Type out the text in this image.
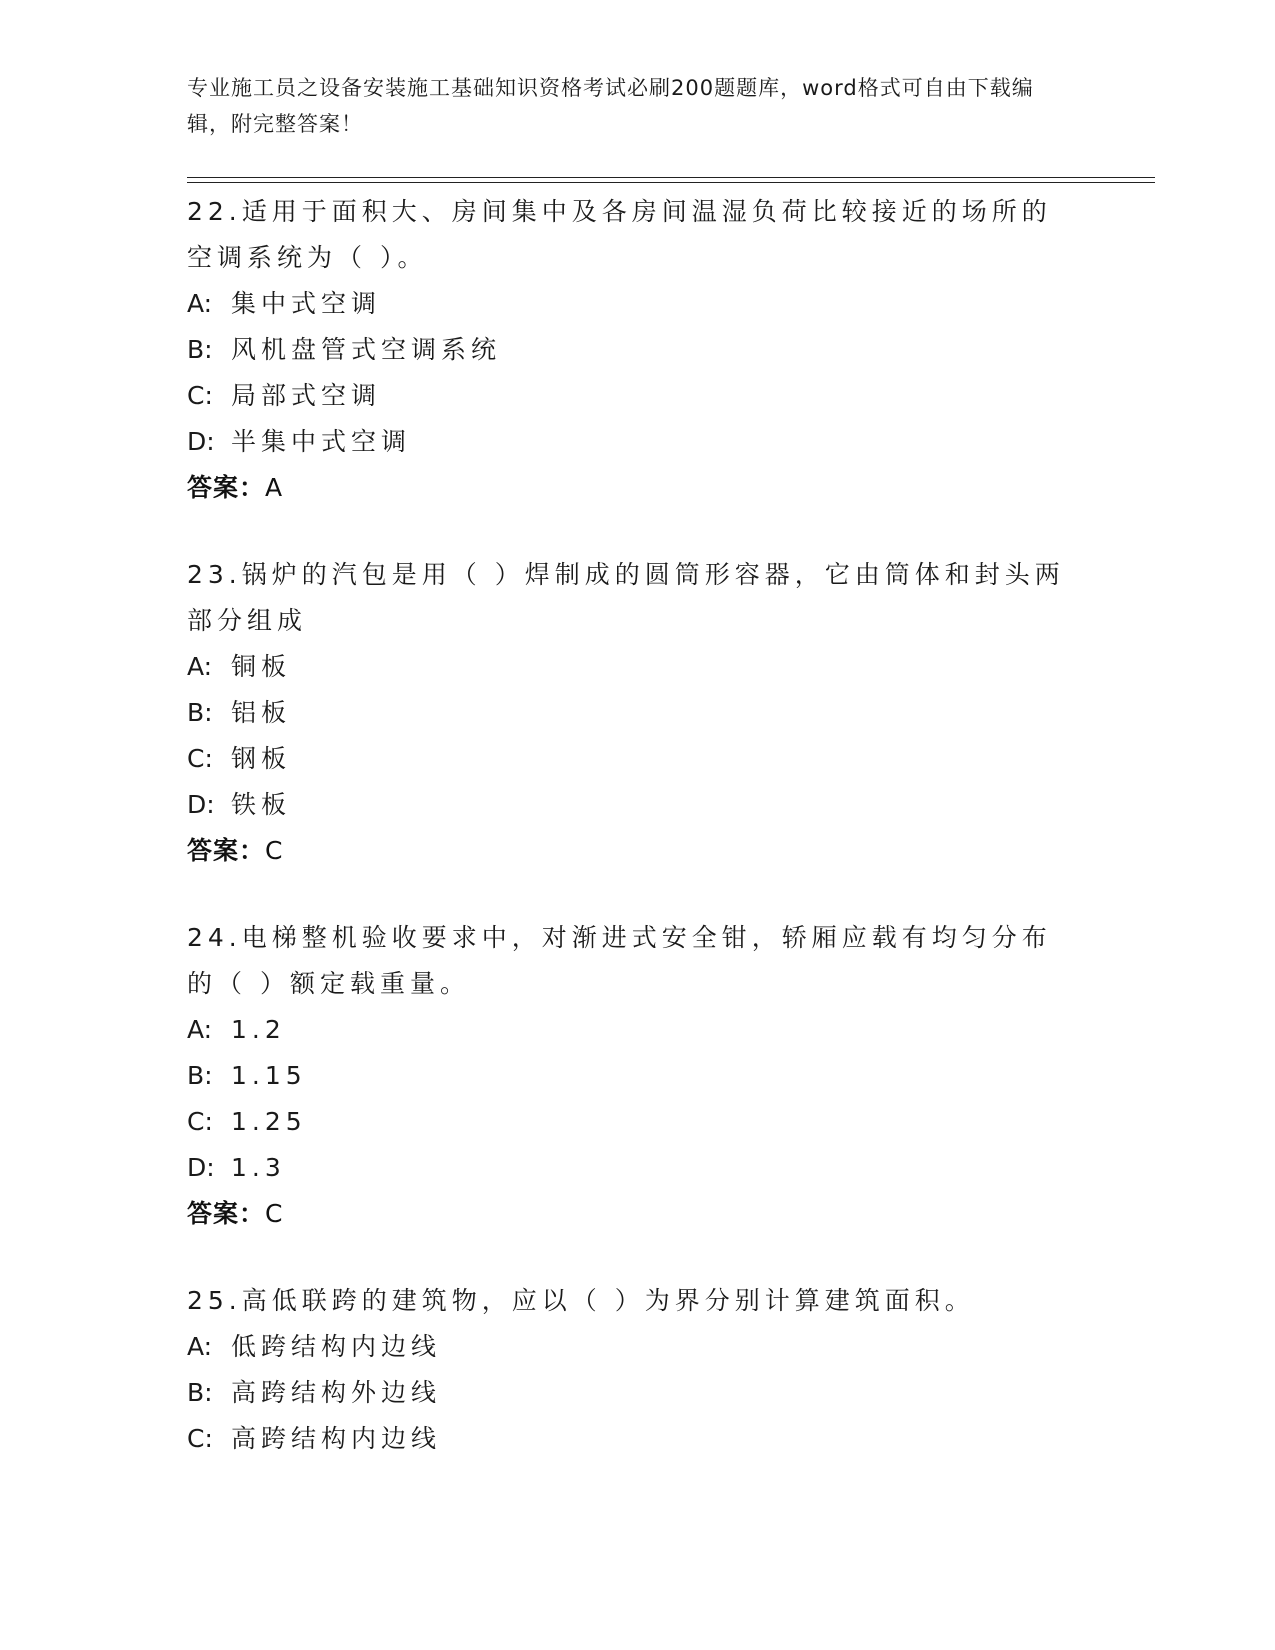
专业施工员之设备安装施工基础知识资格考试必刷200题题库，word格式可自由下载编辑，附完整答案！
22.适用于面积大、房间集中及各房间温湿负荷比较接近的场所的空调系统为（ ）。
A: 集中式空调
B: 风机盘管式空调系统
C: 局部式空调
D: 半集中式空调
答案：A
23.锅炉的汽包是用（ ）焊制成的圆筒形容器，它由筒体和封头两部分组成
A: 铜板
B: 铝板
C: 钢板
D: 铁板
答案：C
24.电梯整机验收要求中，对渐进式安全钳，轿厢应载有均匀分布的（ ）额定载重量。
A: 1.2
B: 1.15
C: 1.25
D: 1.3
答案：C
25.高低联跨的建筑物，应以（ ）为界分别计算建筑面积。
A: 低跨结构内边线
B: 高跨结构外边线
C: 高跨结构内边线
